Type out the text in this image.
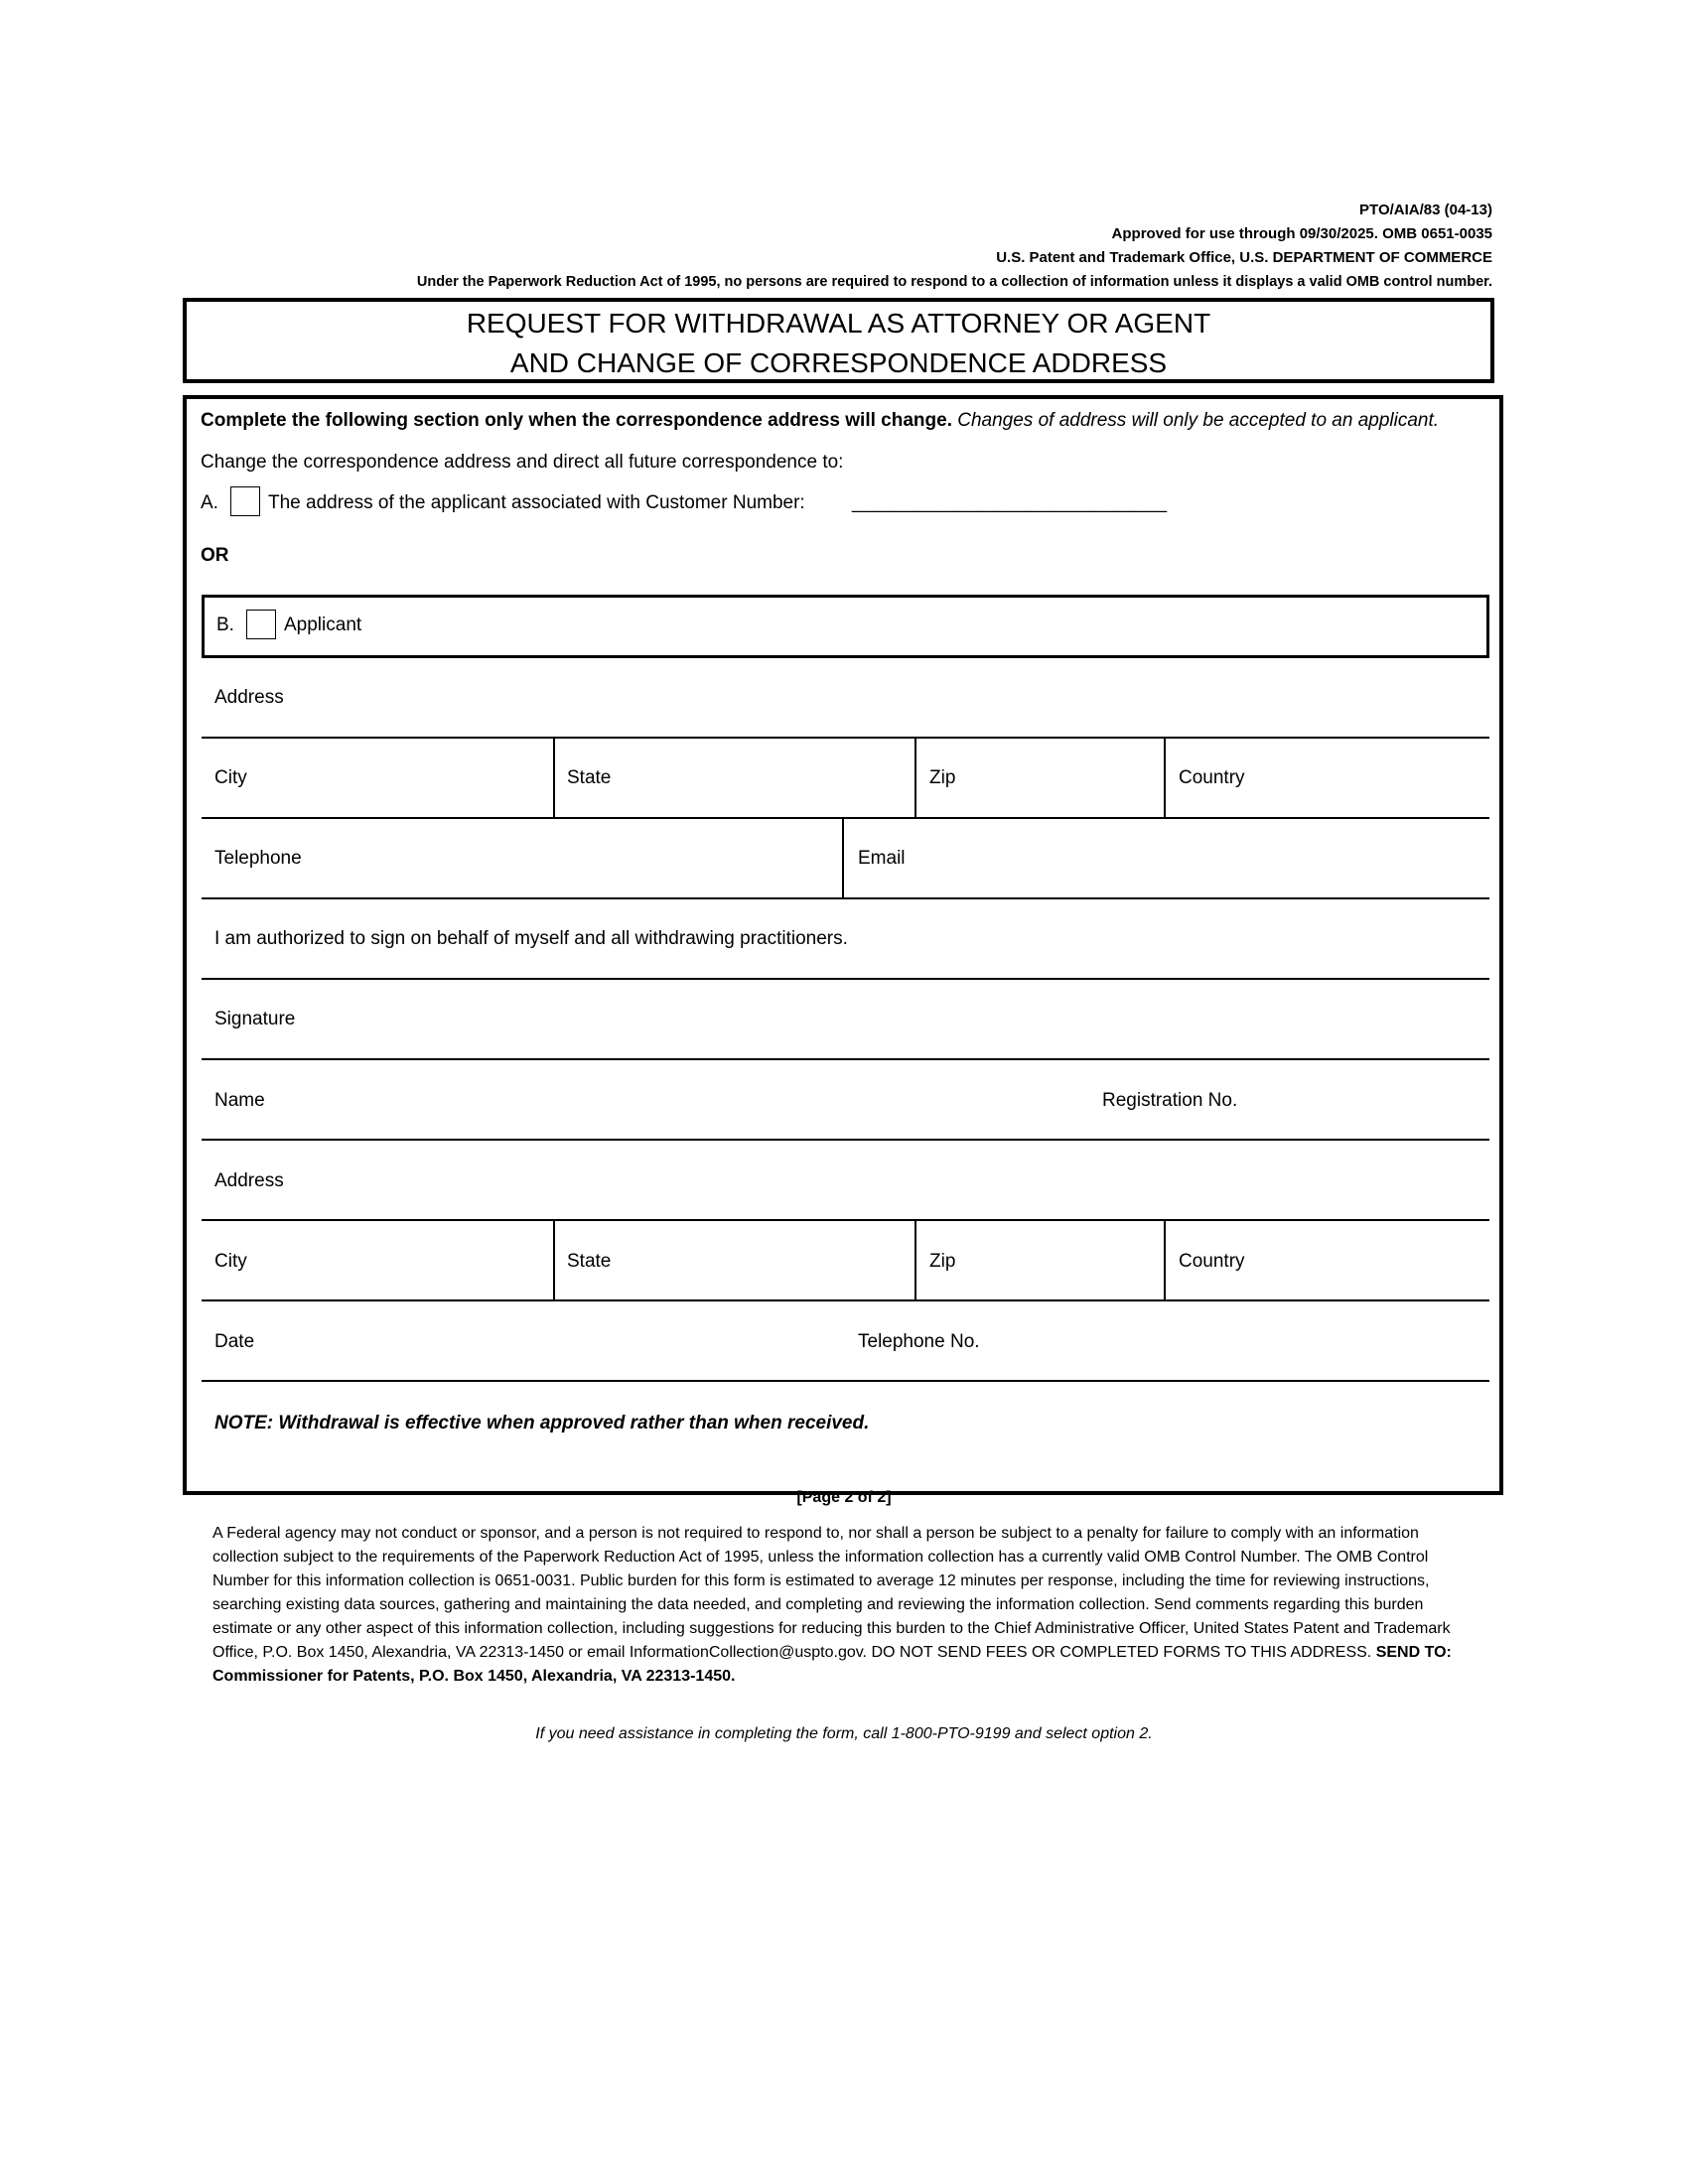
PTO/AIA/83 (04-13)
Approved for use through 09/30/2025. OMB 0651-0035
U.S. Patent and Trademark Office, U.S. DEPARTMENT OF COMMERCE
Under the Paperwork Reduction Act of 1995, no persons are required to respond to a collection of information unless it displays a valid OMB control number.
REQUEST FOR WITHDRAWAL AS ATTORNEY OR AGENT
AND CHANGE OF CORRESPONDENCE ADDRESS
Complete the following section only when the correspondence address will change. Changes of address will only be accepted to an applicant.
Change the correspondence address and direct all future correspondence to:
A.	The address of the applicant associated with Customer Number: ______________________________
OR
B.	Applicant
Address
City	State	Zip	Country
Telephone	Email
I am authorized to sign on behalf of myself and all withdrawing practitioners.
Signature
Name	Registration No.
Address
City	State	Zip	Country
Date	Telephone No.
NOTE: Withdrawal is effective when approved rather than when received.
[Page 2 of 2]
A Federal agency may not conduct or sponsor, and a person is not required to respond to, nor shall a person be subject to a penalty for failure to comply with an information collection subject to the requirements of the Paperwork Reduction Act of 1995, unless the information collection has a currently valid OMB Control Number. The OMB Control Number for this information collection is 0651-0031. Public burden for this form is estimated to average 12 minutes per response, including the time for reviewing instructions, searching existing data sources, gathering and maintaining the data needed, and completing and reviewing the information collection. Send comments regarding this burden estimate or any other aspect of this information collection, including suggestions for reducing this burden to the Chief Administrative Officer, United States Patent and Trademark Office, P.O. Box 1450, Alexandria, VA 22313-1450 or email InformationCollection@uspto.gov. DO NOT SEND FEES OR COMPLETED FORMS TO THIS ADDRESS. SEND TO: Commissioner for Patents, P.O. Box 1450, Alexandria, VA 22313-1450.
If you need assistance in completing the form, call 1-800-PTO-9199 and select option 2.
